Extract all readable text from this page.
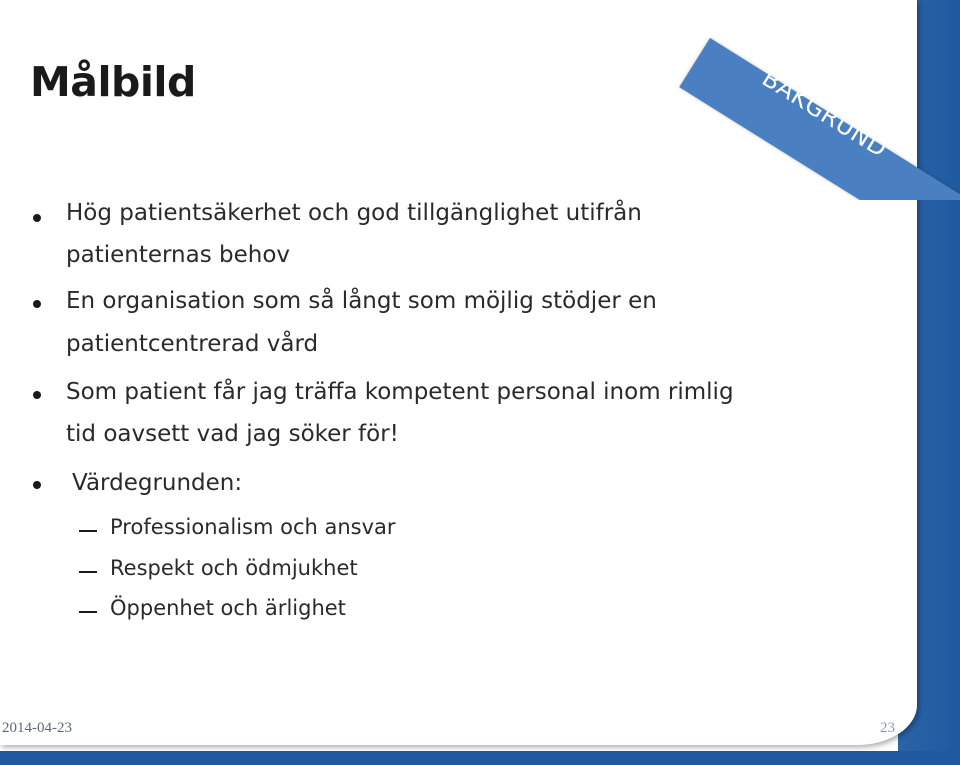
BAKGRUND
Målbild
Hög patientsäkerhet och god tillgänglighet utifrån
patienternas behov
En organisation som så långt som möjlig stödjer en
patientcentrerad vård
Som patient får jag träffa kompetent personal inom rimlig
tid oavsett vad jag söker för!
Värdegrunden:
Professionalism och ansvar
Respekt och ödmjukhet
Öppenhet och ärlighet
2014-04-23	23
